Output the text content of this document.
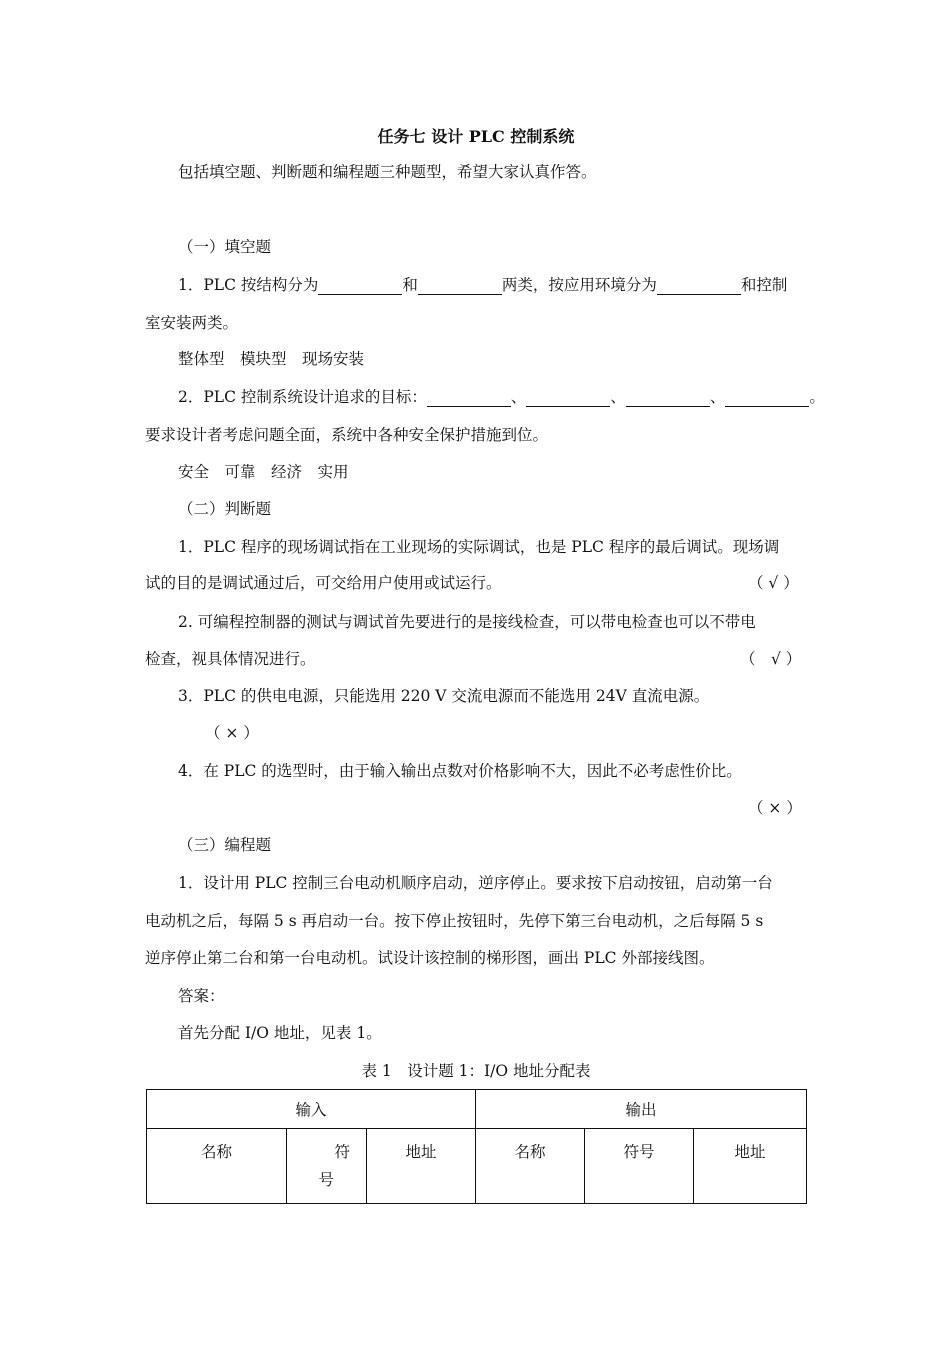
任务七 设计 PLC 控制系统
包括填空题、判断题和编程题三种题型，希望大家认真作答。
（一）填空题
1．PLC 按结构分为	和	两类，按应用环境分为	和控制
室安装两类。
整体型　模块型　现场安装
2．PLC 控制系统设计追求的目标：	、	、	、	。
要求设计者考虑问题全面，系统中各种安全保护措施到位。
安全　可靠　经济　实用
（二）判断题
1．PLC 程序的现场调试指在工业现场的实际调试，也是 PLC 程序的最后调试。现场调
试的目的是调试通过后，可交给用户使用或试运行。	（ √ ）
2. 可编程控制器的测试与调试首先要进行的是接线检查，可以带电检查也可以不带电
检查，视具体情况进行。	（　√ ）
3．PLC 的供电电源，只能选用 220 V 交流电源而不能选用 24V 直流电源。
（ × ）
4．在 PLC 的选型时，由于输入输出点数对价格影响不大，因此不必考虑性价比。
（ × ）
（三）编程题
1．设计用 PLC 控制三台电动机顺序启动，逆序停止。要求按下启动按钮，启动第一台
电动机之后，每隔 5 s 再启动一台。按下停止按钮时，先停下第三台电动机，之后每隔 5 s
逆序停止第二台和第一台电动机。试设计该控制的梯形图，画出 PLC 外部接线图。
答案：
首先分配 I/O 地址，见表 1。
表 1　设计题 1：I/O 地址分配表
输入			输出		

名称	符
号	地址	名称	符号	地址
